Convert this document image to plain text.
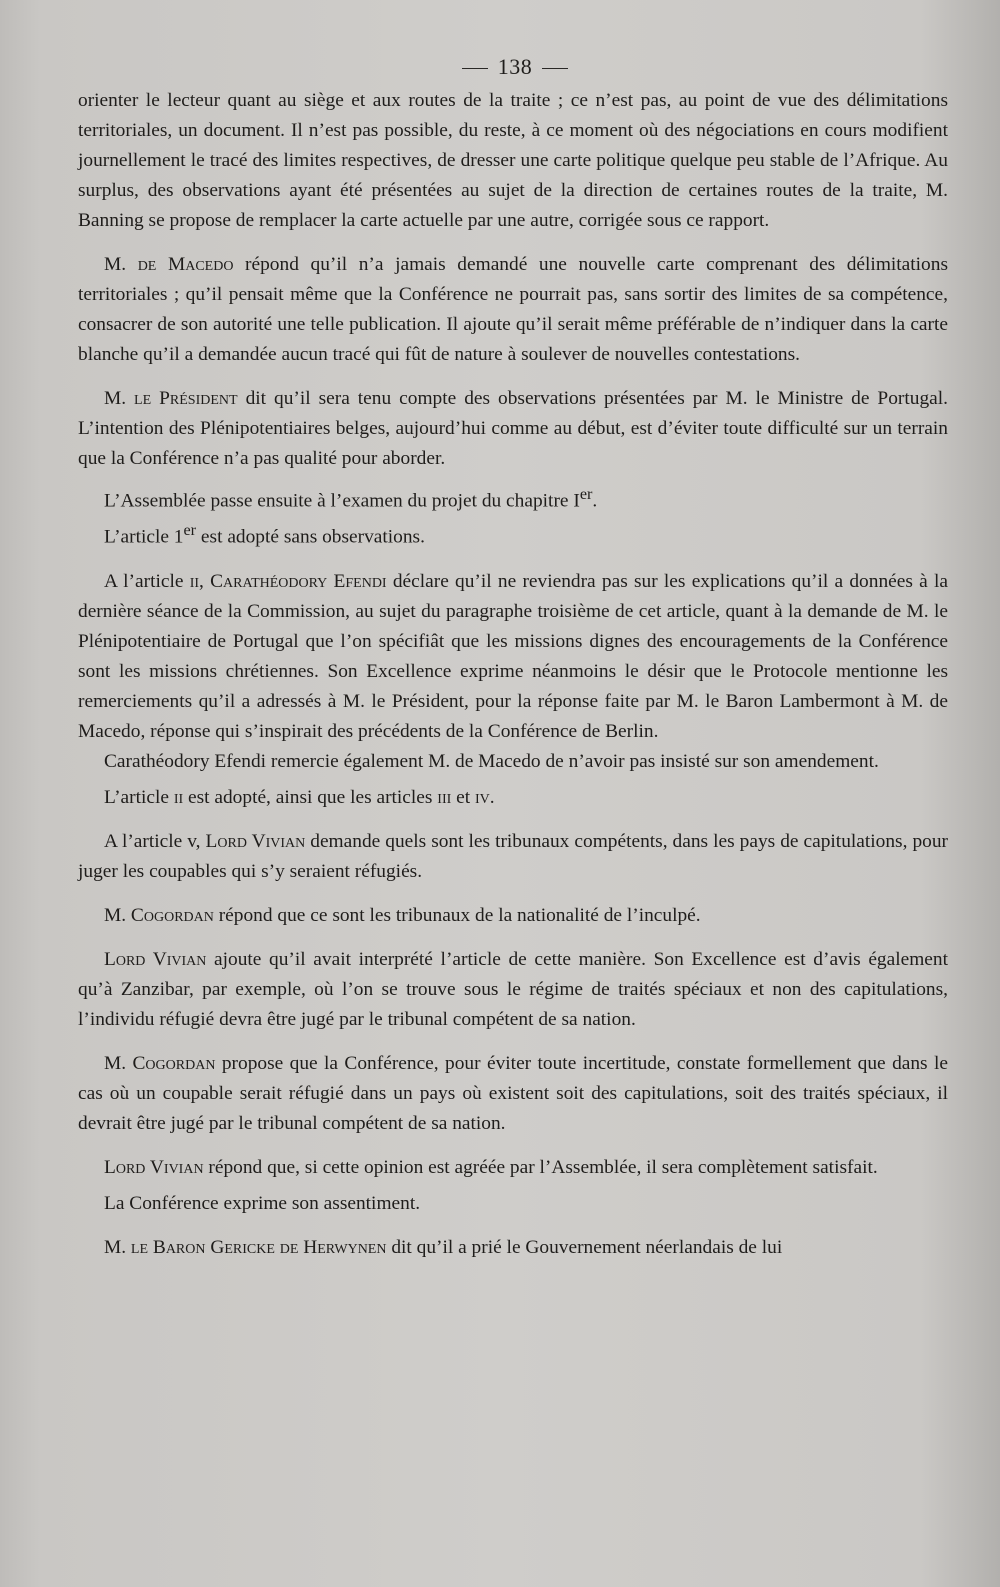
138

orienter le lecteur quant au siège et aux routes de la traite ; ce n’est pas, au point de vue des délimitations territoriales, un document. Il n’est pas possible, du reste, à ce moment où des négociations en cours modifient journellement le tracé des limites respectives, de dresser une carte politique quelque peu stable de l’Afrique. Au surplus, des observations ayant été présentées au sujet de la direction de certaines routes de la traite, M. Banning se propose de remplacer la carte actuelle par une autre, corrigée sous ce rapport.

M. de Macedo répond qu’il n’a jamais demandé une nouvelle carte comprenant des délimitations territoriales ; qu’il pensait même que la Conférence ne pourrait pas, sans sortir des limites de sa compétence, consacrer de son autorité une telle publication. Il ajoute qu’il serait même préférable de n’indiquer dans la carte blanche qu’il a demandée aucun tracé qui fût de nature à soulever de nouvelles contestations.

M. le Président dit qu’il sera tenu compte des observations présentées par M. le Ministre de Portugal. L’intention des Plénipotentiaires belges, aujourd’hui comme au début, est d’éviter toute difficulté sur un terrain que la Conférence n’a pas qualité pour aborder.

L’Assemblée passe ensuite à l’examen du projet du chapitre Ier.

L’article 1er est adopté sans observations.

A l’article ii, Carathéodory Efendi déclare qu’il ne reviendra pas sur les explications qu’il a données à la dernière séance de la Commission, au sujet du paragraphe troisième de cet article, quant à la demande de M. le Plénipotentiaire de Portugal que l’on spécifiât que les missions dignes des encouragements de la Conférence sont les missions chrétiennes. Son Excellence exprime néanmoins le désir que le Protocole mentionne les remerciements qu’il a adressés à M. le Président, pour la réponse faite par M. le Baron Lambermont à M. de Macedo, réponse qui s’inspirait des précédents de la Conférence de Berlin.

Carathéodory Efendi remercie également M. de Macedo de n’avoir pas insisté sur son amendement.

L’article ii est adopté, ainsi que les articles iii et iv.

A l’article v, Lord Vivian demande quels sont les tribunaux compétents, dans les pays de capitulations, pour juger les coupables qui s’y seraient réfugiés.

M. Cogordan répond que ce sont les tribunaux de la nationalité de l’inculpé.

Lord Vivian ajoute qu’il avait interprété l’article de cette manière. Son Excellence est d’avis également qu’à Zanzibar, par exemple, où l’on se trouve sous le régime de traités spéciaux et non des capitulations, l’individu réfugié devra être jugé par le tribunal compétent de sa nation.

M. Cogordan propose que la Conférence, pour éviter toute incertitude, constate formellement que dans le cas où un coupable serait réfugié dans un pays où existent soit des capitulations, soit des traités spéciaux, il devrait être jugé par le tribunal compétent de sa nation.

Lord Vivian répond que, si cette opinion est agréée par l’Assemblée, il sera complètement satisfait.

La Conférence exprime son assentiment.

M. le Baron Gericke de Herwynen dit qu’il a prié le Gouvernement néerlandais de lui
